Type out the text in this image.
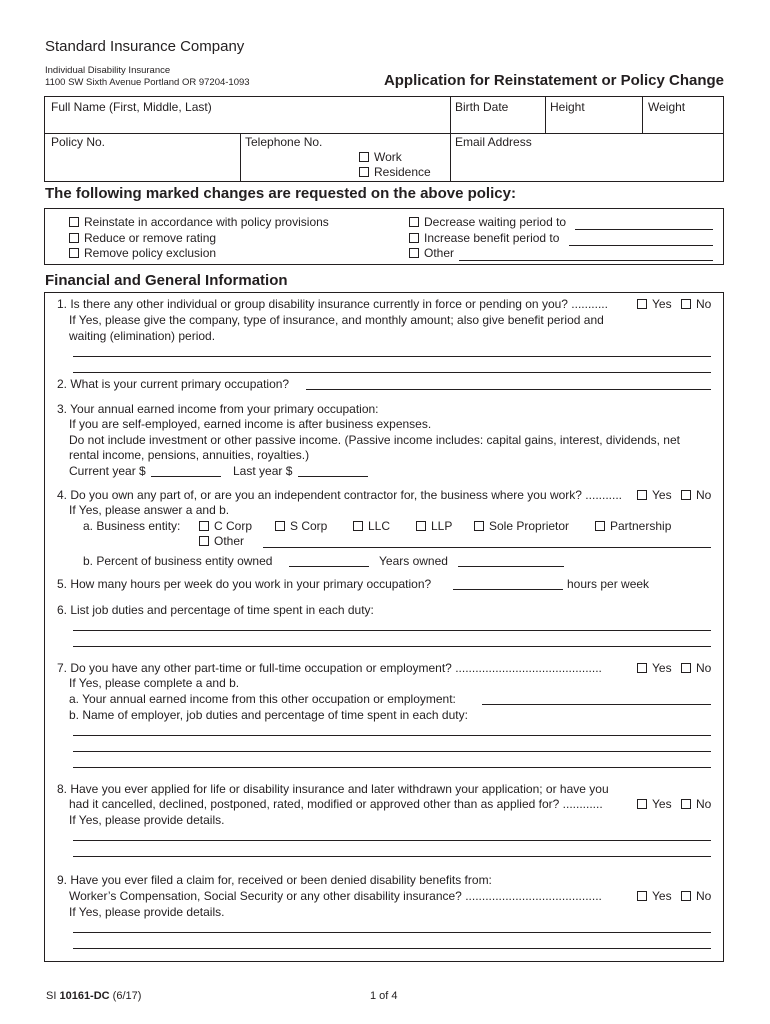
Standard Insurance Company
Individual Disability Insurance
1100 SW Sixth Avenue Portland OR 97204-1093	Application for Reinstatement or Policy Change
Full Name (First, Middle, Last)	Birth Date	Height	Weight
Policy No.	Telephone No.
Work
Residence
Email Address
The following marked changes are requested on the above policy:
Reinstate in accordance with policy provisions
Reduce or remove rating
Remove policy exclusion
Decrease waiting period to
Increase benefit period to
Other
Financial and General Information
1. Is there any other individual or group disability insurance currently in force or pending on you? ...........	Yes	No
If Yes, please give the company, type of insurance, and monthly amount; also give benefit period and
waiting (elimination) period.
2. What is your current primary occupation?
3. Your annual earned income from your primary occupation:
If you are self-employed, earned income is after business expenses.
Do not include investment or other passive income. (Passive income includes: capital gains, interest, dividends, net
rental income, pensions, annuities, royalties.)
Current year $	Last year $
4. Do you own any part of, or are you an independent contractor for, the business where you work? ...........	Yes	No
If Yes, please answer a and b.
a. Business entity:	C Corp	S Corp	LLC	LLP	Sole Proprietor	Partnership
Other
b. Percent of business entity owned	Years owned
5. How many hours per week do you work in your primary occupation?	hours per week
6. List job duties and percentage of time spent in each duty:
7. Do you have any other part-time or full-time occupation or employment? ............................................	Yes	No
If Yes, please complete a and b.
a. Your annual earned income from this other occupation or employment:
b. Name of employer, job duties and percentage of time spent in each duty:
8. Have you ever applied for life or disability insurance and later withdrawn your application; or have you
had it cancelled, declined, postponed, rated, modified or approved other than as applied for? ............	Yes	No
If Yes, please provide details.
9. Have you ever filed a claim for, received or been denied disability benefits from:
Worker’s Compensation, Social Security or any other disability insurance? .........................................	Yes	No
If Yes, please provide details.
SI 10161-DC (6/17)	1 of 4
